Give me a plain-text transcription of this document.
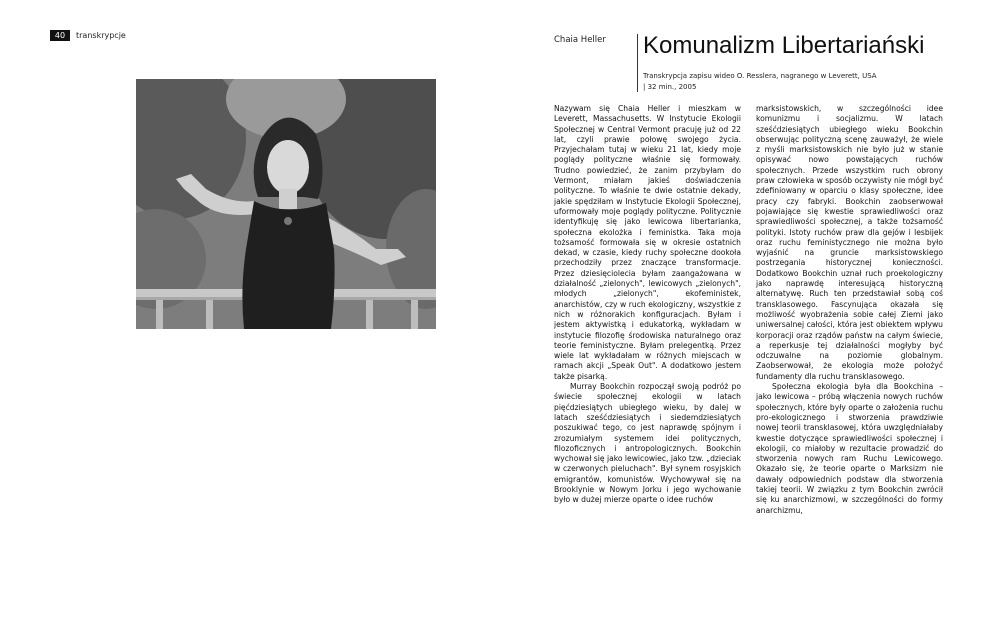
40	transkrypcje	Chaia Heller Komunalizm Libertariański
Transkrypcja zapisu wideo O. Resslera, nagranego w Leverett, USA
| 32 min., 2005

Nazywam się Chaia Heller i mieszkam w Leverett, Massachusetts. W Instytucie Ekologii Społecznej w Central Vermont pracuję już od 22 lat, czyli prawie połowę swojego życia. Przyjechałam tutaj w wieku 21 lat, kiedy moje poglądy polityczne właśnie się formowały. Trudno powiedzieć, że zanim przybyłam do Vermont, miałam jakieś doświadczenia polityczne. To właśnie te dwie ostatnie dekady, jakie spędziłam w Instytucie Ekologii Społecznej, uformowały moje poglądy polityczne. Politycznie identyfikuję się jako lewicowa libertarianka, społeczna ekolożka i feministka. Taka moja tożsamość formowała się w okresie ostatnich dekad, w czasie, kiedy ruchy społeczne dookoła przechodziły przez znaczące transformacje. Przez dziesięciolecia byłam zaangażowana w działalność „zielonych", lewicowych „zielonych", młodych „zielonych", ekofeministek, anarchistów, czy w ruch ekologiczny, wszystkie z nich w różnorakich konfiguracjach. Byłam i jestem aktywistką i edukatorką, wykładam w instytucie filozofię środowiska naturalnego oraz teorie feministyczne. Byłam prelegentką. Przez wiele lat wykładałam w różnych miejscach w ramach akcji „Speak Out". A dodatkowo jestem także pisarką.

Murray Bookchin rozpoczął swoją podróż po świecie społecznej ekologii w latach pięćdziesiątych ubiegłego wieku, by dalej w latach sześćdziesiątych i siedemdziesiątych poszukiwać tego, co jest naprawdę spójnym i zrozumiałym systemem idei politycznych, filozoficznych i antropologicznych. Bookchin wychował się jako lewicowiec, jako tzw. „dzieciak w czerwonych pieluchach". Był synem rosyjskich emigrantów, komunistów. Wychowywał się na Brooklynie w Nowym Jorku i jego wychowanie było w dużej mierze oparte o idee ruchów

marksistowskich, w szczególności idee komunizmu i socjalizmu. W latach sześćdziesiątych ubiegłego wieku Bookchin obserwując polityczną scenę zauważył, że wiele z myśli marksistowskich nie było już w stanie opisywać nowo powstających ruchów społecznych. Przede wszystkim ruch obrony praw człowieka w sposób oczywisty nie mógł być zdefiniowany w oparciu o klasy społeczne, idee pracy czy fabryki. Bookchin zaobserwował pojawiające się kwestie sprawiedliwości oraz sprawiedliwości społecznej, a także tożsamość polityki. Istoty ruchów praw dla gejów i lesbijek oraz ruchu feministycznego nie można było wyjaśnić na gruncie marksistowskiego postrzegania historycznej konieczności. Dodatkowo Bookchin uznał ruch proekologiczny jako naprawdę interesującą historyczną alternatywę. Ruch ten przedstawiał sobą coś transklasowego. Fascynująca okazała się możliwość wyobrażenia sobie całej Ziemi jako uniwersalnej całości, która jest obiektem wpływu korporacji oraz rządów państw na całym świecie, a reperkusje tej działalności mogłyby być odczuwalne na poziomie globalnym. Zaobserwował, że ekologia może położyć fundamenty dla ruchu transklasowego.

Społeczna ekologia była dla Bookchina – jako lewicowa – próbą włączenia nowych ruchów społecznych, które były oparte o założenia ruchu pro-ekologicznego i stworzenia prawdziwie nowej teorii transklasowej, która uwzględniałaby kwestie dotyczące sprawiedliwości społecznej i ekologii, co miałoby w rezultacie prowadzić do stworzenia nowych ram Ruchu Lewicowego. Okazało się, że teorie oparte o Marksizm nie dawały odpowiednich podstaw dla stworzenia takiej teorii. W związku z tym Bookchin zwrócił się ku anarchizmowi, w szczególności do formy anarchizmu,
